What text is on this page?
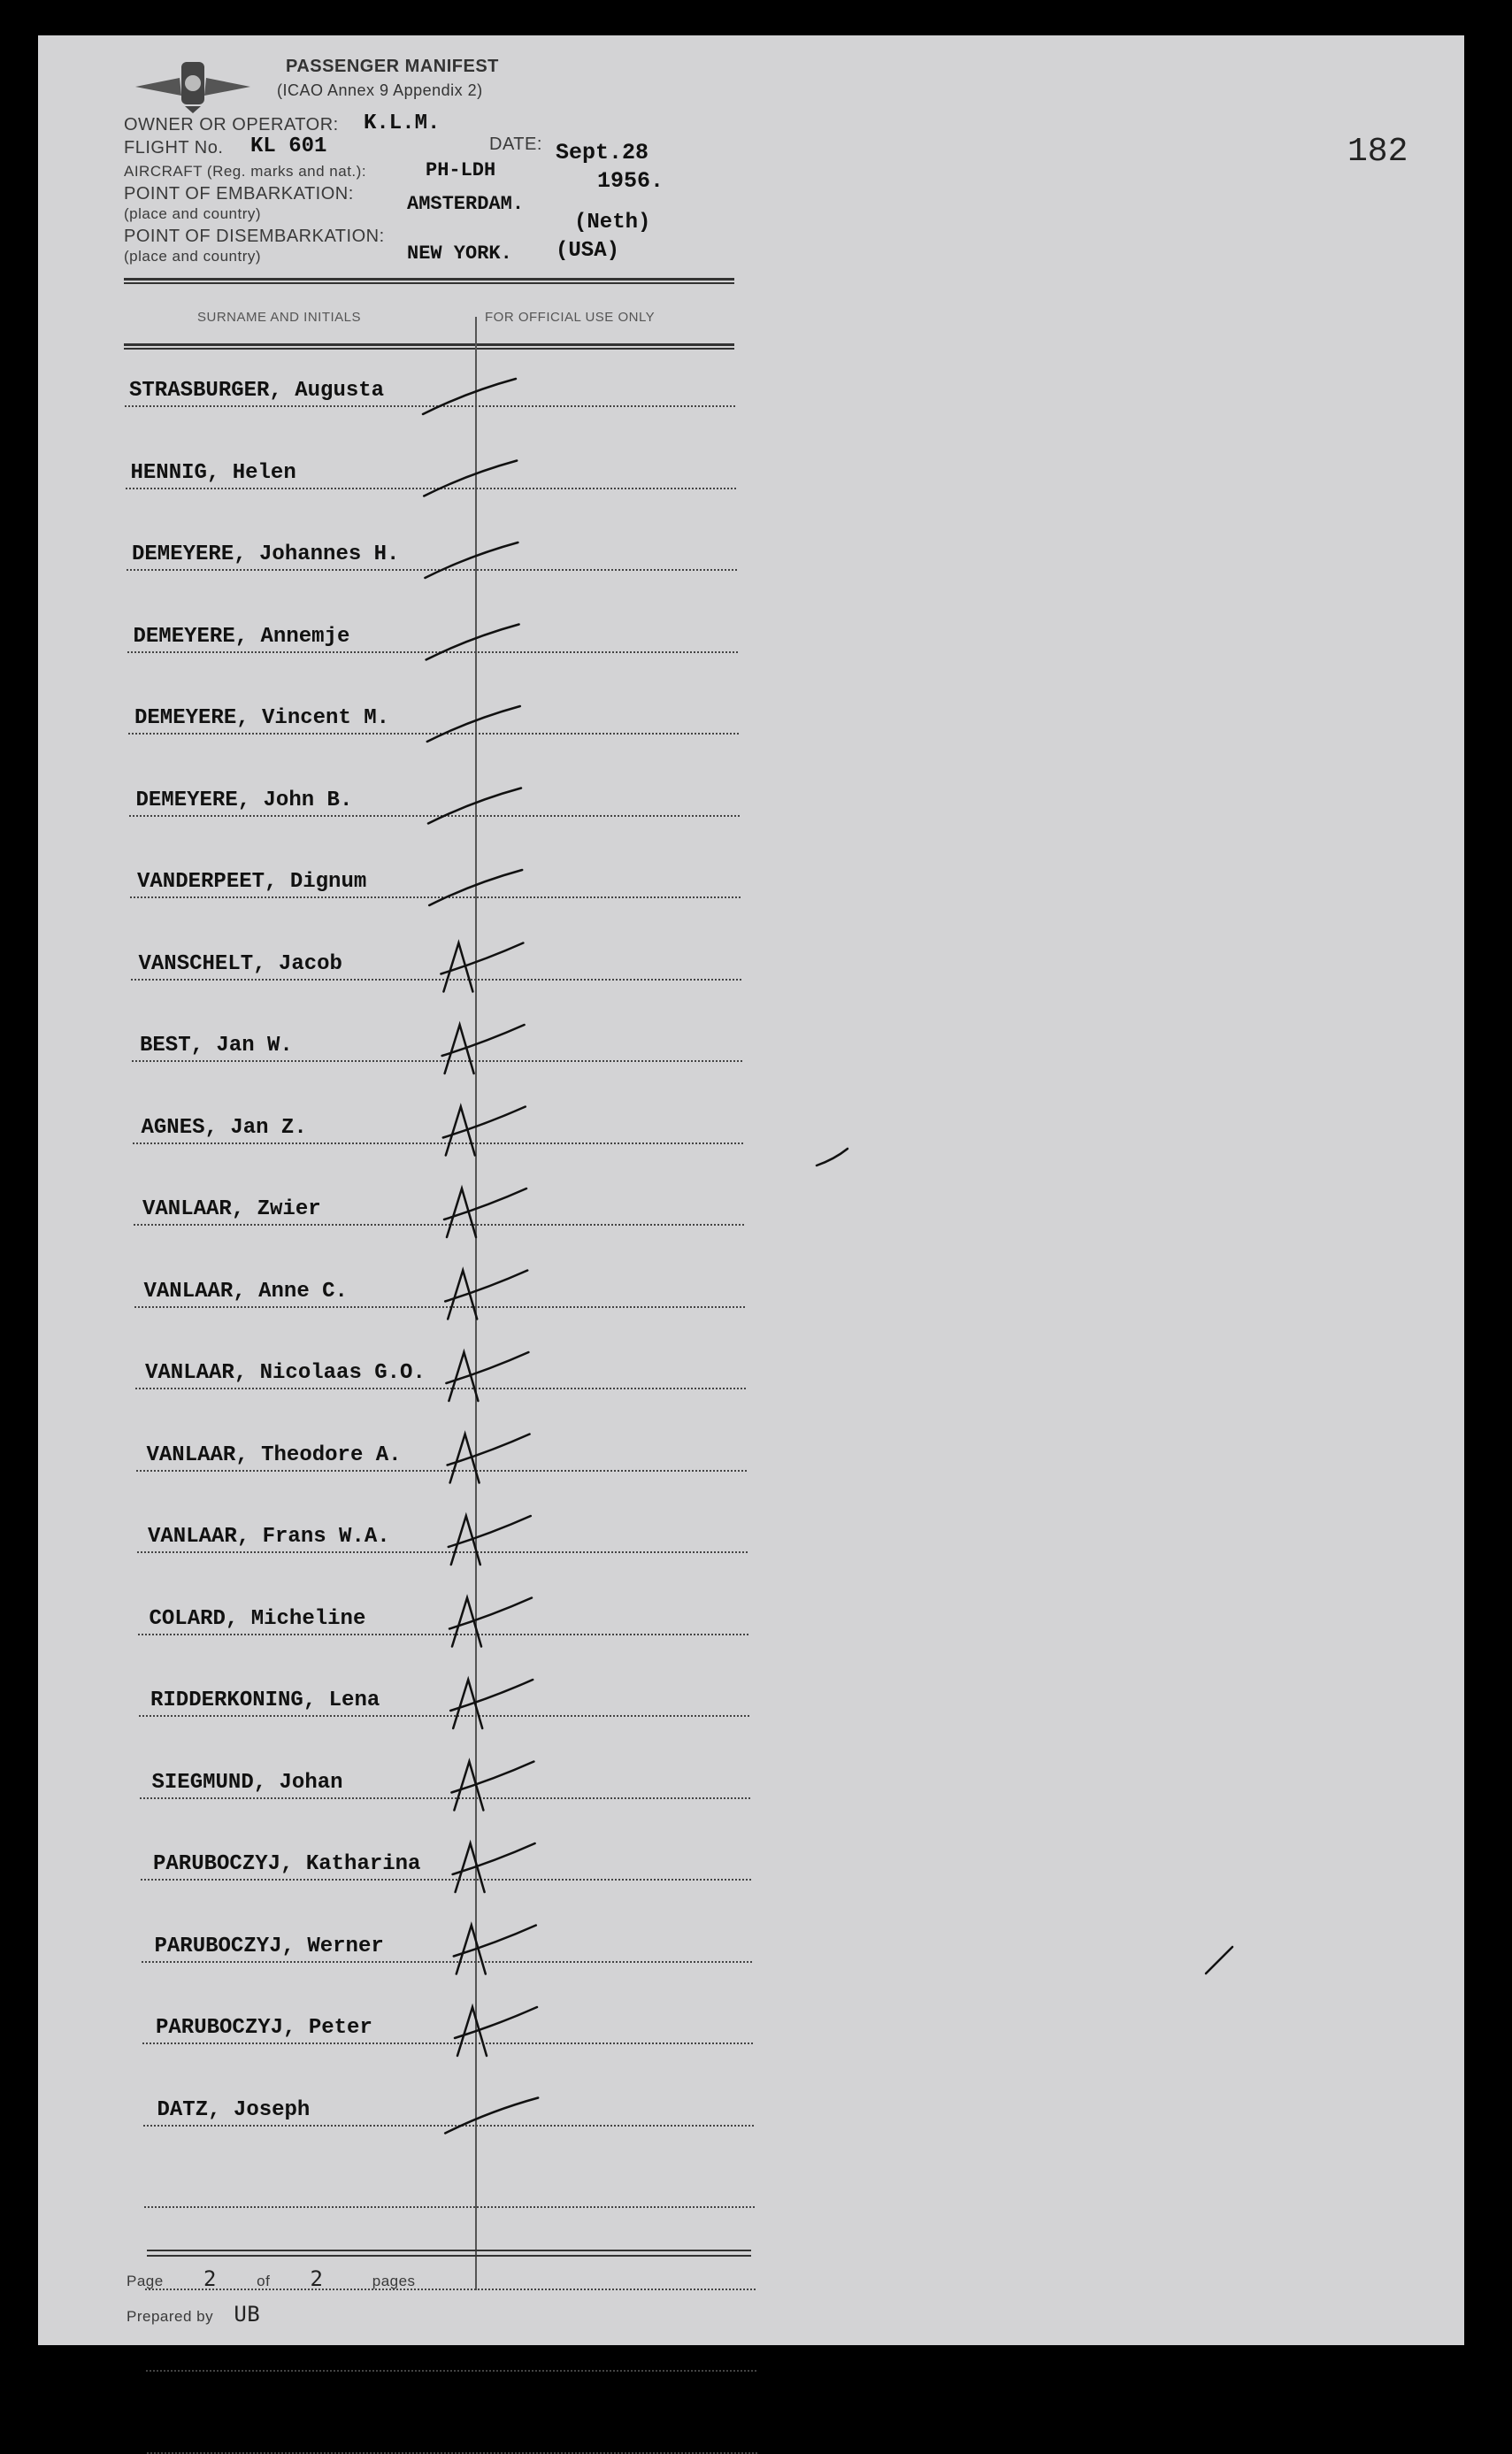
PASSENGER MANIFEST
(ICAO Annex 9 Appendix 2)
OWNER OR OPERATOR: K.L.M.
FLIGHT No. KL 601	DATE: Sept.28
1956.
AIRCRAFT (Reg. marks and nat.):	PH-LDH
POINT OF EMBARKATION:
(place and country)	AMSTERDAM.
(Neth)
POINT OF DISEMBARKATION:
(place and country)	NEW YORK. (USA)
182
SURNAME AND INITIALS	FOR OFFICIAL USE ONLY
STRASBURGER, Augusta
HENNIG, Helen
DEMEYERE, Johannes H.
DEMEYERE, Annemje
DEMEYERE, Vincent M.
DEMEYERE, John B.
VANDERPEET, Dignum
VANSCHELT, Jacob
BEST, Jan W.
AGNES, Jan Z.
VANLAAR, Zwier
VANLAAR, Anne C.
VANLAAR, Nicolaas G.O.
VANLAAR, Theodore A.
VANLAAR, Frans W.A.
COLARD, Micheline
RIDDERKONING, Lena
SIEGMUND, Johan
PARUBOCZYJ, Katharina
PARUBOCZYJ, Werner
PARUBOCZYJ, Peter
DATZ, Joseph
Page 2	of 2	pages
Prepared by UB
